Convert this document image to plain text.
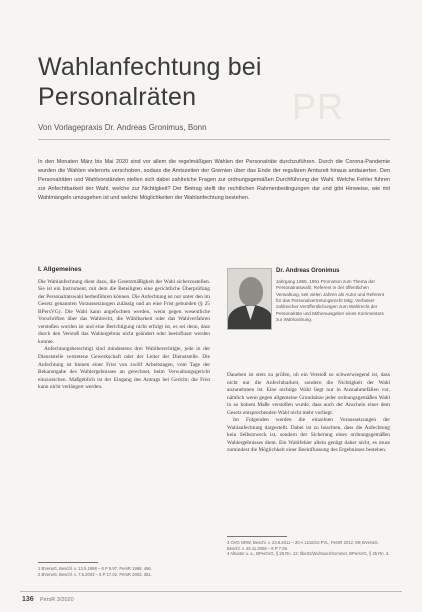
PR
Wahlanfechtung bei Personalräten
Von Vorlagepraxis Dr. Andreas Gronimus, Bonn

In den Monaten März bis Mai 2020 sind vor allem die regelmäßigen Wahlen der Personalräte durchzuführen. Durch die Corona-Pandemie wurden die Wahlen vielerorts verschoben, sodass die Amtszeiten der Gremien über das Ende der regulären Amtszeit hinaus andauerten. Den Personalräten und Wahlvorständen stellen sich dabei zahlreiche Fragen zur ordnungsgemäßen Durchführung der Wahl. Welche Fehler führen zur Anfechtbarkeit der Wahl, welche zur Nichtigkeit? Der Beitrag stellt die rechtlichen Rahmenbedingungen dar und gibt Hinweise, wie mit Wahlmängeln umzugehen ist und welche Möglichkeiten der Wahlanfechtung bestehen.

I. Allgemeines

Die Wahlanfechtung dient dazu, die Gesetzmäßigkeit der Wahl sicherzustellen. Sie ist ein Instrument, mit dem die Beteiligten eine gerichtliche Überprüfung der Personalratswahl herbeiführen können. Die Anfechtung ist nur unter den im Gesetz genannten Voraussetzungen zulässig und an eine Frist gebunden (§ 25 BPersVG). Die Wahl kann angefochten werden, wenn gegen wesentliche Vorschriften über das Wahlrecht, die Wählbarkeit oder das Wahlverfahren verstoßen worden ist und eine Berichtigung nicht erfolgt ist, es sei denn, dass durch den Verstoß das Wahlergebnis nicht geändert oder beeinflusst werden konnte.

Anfechtungsberechtigt sind mindestens drei Wahlberechtigte, jede in der Dienststelle vertretene Gewerkschaft oder der Leiter der Dienststelle. Die Anfechtung ist binnen einer Frist von zwölf Arbeitstagen, vom Tage der Bekanntgabe des Wahlergebnisses an gerechnet, beim Verwaltungsgericht einzureichen. Maßgeblich ist der Eingang des Antrags bei Gericht; die Frist kann nicht verlängert werden.

Dr. Andreas Gronimus
Jahrgang 1955, 1991 Promotion zum Thema der Personalratswahl, Referent in der öffentlichen Verwaltung, seit vielen Jahren als Autor und Referent für das Personalvertretungsrecht tätig, Verfasser zahlreicher Veröffentlichungen zum Wahlrecht der Personalräte und Mitherausgeber eines Kommentars zur Wahlordnung.

Daneben ist stets zu prüfen, ob ein Verstoß so schwerwiegend ist, dass nicht nur die Anfechtbarkeit, sondern die Nichtigkeit der Wahl anzunehmen ist. Eine nichtige Wahl liegt nur in Ausnahmefällen vor, nämlich wenn gegen allgemeine Grundsätze jeder ordnungsgemäßen Wahl in so hohem Maße verstoßen wurde, dass auch der Anschein einer dem Gesetz entsprechenden Wahl nicht mehr vorliegt.

Im Folgenden werden die einzelnen Voraussetzungen der Wahlanfechtung dargestellt. Dabei ist zu beachten, dass die Anfechtung kein Selbstzweck ist, sondern der Sicherung eines ordnungsgemäßen Wahlergebnisses dient. Ein Wahlfehler allein genügt daher nicht, es muss zumindest die Möglichkeit einer Beeinflussung des Ergebnisses bestehen.

3 OVG NRW, Beschl. v. 23.8.2011 – 20 A 1218/10.PVL, PersR 2012, 89; BVerwG, Beschl. v. 26.11.2008 – 6 P 7.08.
4 Altvater u. a., BPersVG, § 25 Rn. 12; Ilbertz/Widmaier/Sommer, BPersVG, § 25 Rn. 3.
1 BVerwG, Beschl. v. 13.5.1998 – 6 P 9.97, PersR 1998, 466.
2 BVerwG, Beschl. v. 7.5.2003 – 6 P 17.02, PersR 2003, 361.
136 PersR 3/2020
